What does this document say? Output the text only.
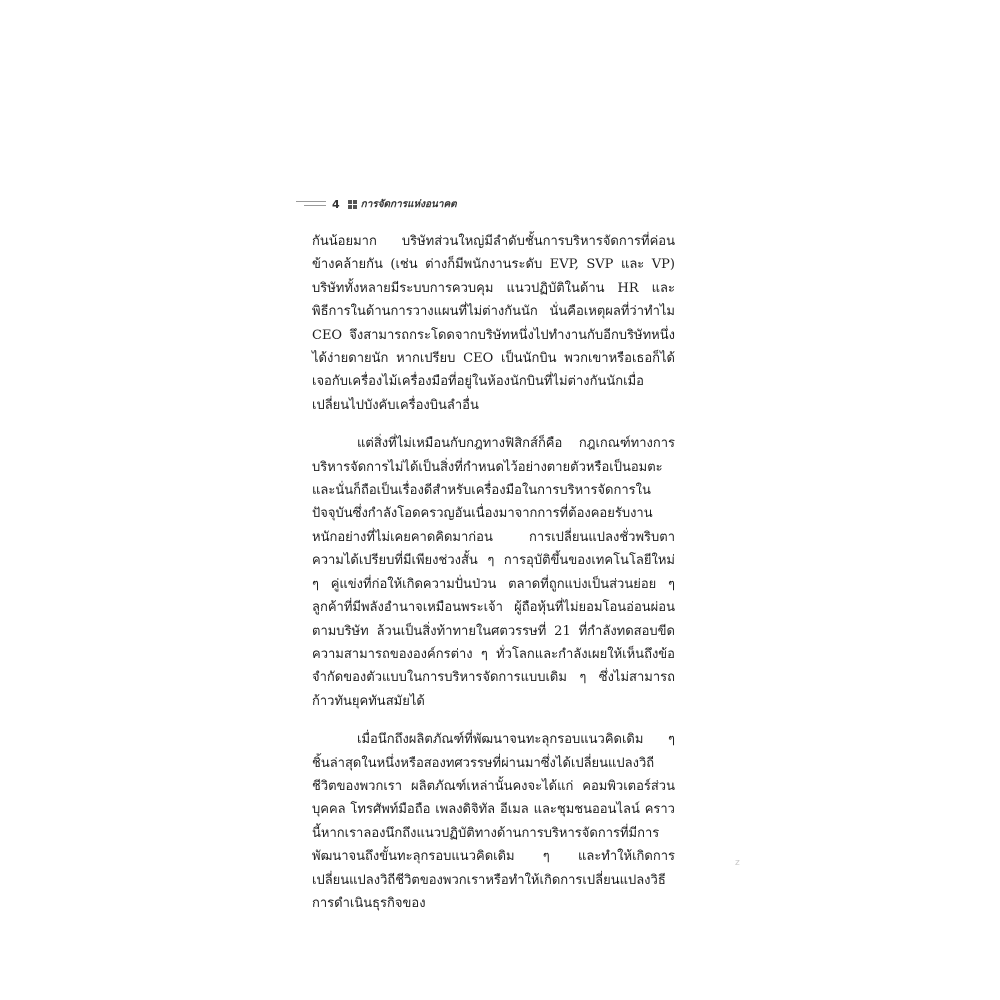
4 การจัดการแห่งอนาคต

กันน้อยมาก บริษัทส่วนใหญ่มีลำดับชั้นการบริหารจัดการที่ค่อนข้างคล้ายกัน (เช่น ต่างก็มีพนักงานระดับ EVP, SVP และ VP) บริษัททั้งหลายมีระบบการควบคุม แนวปฏิบัติในด้าน HR และพิธีการในด้านการวางแผนที่ไม่ต่างกันนัก นั่นคือเหตุผลที่ว่าทำไม CEO จึงสามารถกระโดดจากบริษัทหนึ่งไปทำงานกับอีกบริษัทหนึ่งได้ง่ายดายนัก หากเปรียบ CEO เป็นนักบิน พวกเขาหรือเธอก็ได้เจอกับเครื่องไม้เครื่องมือที่อยู่ในห้องนักบินที่ไม่ต่างกันนักเมื่อเปลี่ยนไปบังคับเครื่องบินลำอื่น

แต่สิ่งที่ไม่เหมือนกับกฎทางฟิสิกส์ก็คือ กฎเกณฑ์ทางการบริหารจัดการไม่ได้เป็นสิ่งที่กำหนดไว้อย่างตายตัวหรือเป็นอมตะ และนั่นก็ถือเป็นเรื่องดีสำหรับเครื่องมือในการบริหารจัดการในปัจจุบันซึ่งกำลังโอดครวญอันเนื่องมาจากการที่ต้องคอยรับงานหนักอย่างที่ไม่เคยคาดคิดมาก่อน การเปลี่ยนแปลงชั่วพริบตา ความได้เปรียบที่มีเพียงช่วงสั้น ๆ การอุบัติขึ้นของเทคโนโลยีใหม่ ๆ คู่แข่งที่ก่อให้เกิดความปั่นป่วน ตลาดที่ถูกแบ่งเป็นส่วนย่อย ๆ ลูกค้าที่มีพลังอำนาจเหมือนพระเจ้า ผู้ถือหุ้นที่ไม่ยอมโอนอ่อนผ่อนตามบริษัท ล้วนเป็นสิ่งท้าทายในศตวรรษที่ 21 ที่กำลังทดสอบขีดความสามารถขององค์กรต่าง ๆ ทั่วโลกและกำลังเผยให้เห็นถึงข้อจำกัดของตัวแบบในการบริหารจัดการแบบเดิม ๆ ซึ่งไม่สามารถก้าวทันยุคทันสมัยได้

เมื่อนึกถึงผลิตภัณฑ์ที่พัฒนาจนทะลุกรอบแนวคิดเดิม ๆ ชิ้นล่าสุดในหนึ่งหรือสองทศวรรษที่ผ่านมาซึ่งได้เปลี่ยนแปลงวิถีชีวิตของพวกเรา ผลิตภัณฑ์เหล่านั้นคงจะได้แก่ คอมพิวเตอร์ส่วนบุคคล โทรศัพท์มือถือ เพลงดิจิทัล อีเมล และชุมชนออนไลน์ คราวนี้หากเราลองนึกถึงแนวปฏิบัติทางด้านการบริหารจัดการที่มีการพัฒนาจนถึงขั้นทะลุกรอบแนวคิดเดิม ๆ และทำให้เกิดการเปลี่ยนแปลงวิถีชีวิตของพวกเราหรือทำให้เกิดการเปลี่ยนแปลงวิธีการดำเนินธุรกิจของ

z
